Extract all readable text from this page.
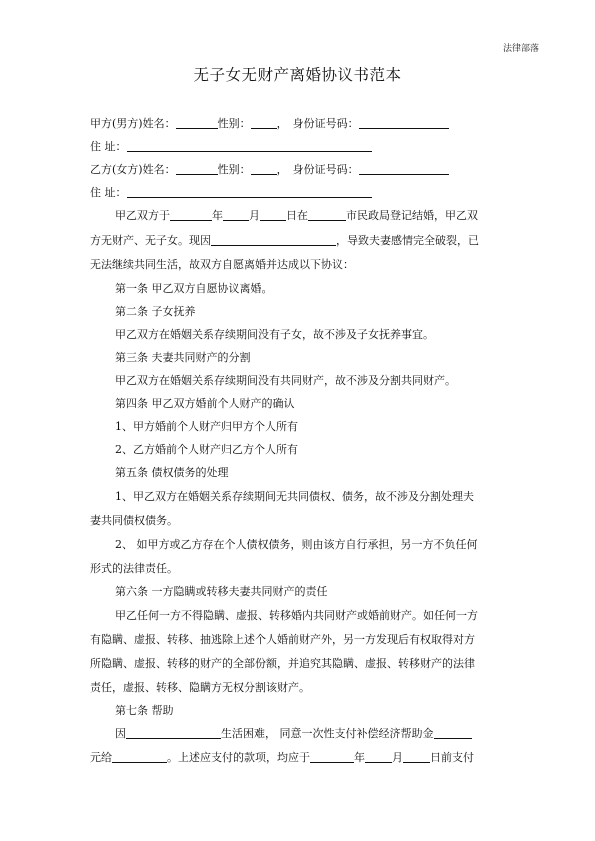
法律部落
无子女无财产离婚协议书范本
甲方(男方)姓名：	性别： ， 身份证号码：
住 址：
乙方(女方)姓名：	性别： ， 身份证号码：
住 址：
甲乙双方于	年 月 日在	市民政局登记结婚，甲乙双
方无财产、无子女。现因	，导致夫妻感情完全破裂，已
无法继续共同生活，故双方自愿离婚并达成以下协议：
第一条 甲乙双方自愿协议离婚。
第二条 子女抚养
甲乙双方在婚姻关系存续期间没有子女，故不涉及子女抚养事宜。
第三条 夫妻共同财产的分割
甲乙双方在婚姻关系存续期间没有共同财产，故不涉及分割共同财产。
第四条 甲乙双方婚前个人财产的确认
1、甲方婚前个人财产归甲方个人所有
2、乙方婚前个人财产归乙方个人所有
第五条 债权债务的处理
1、甲乙双方在婚姻关系存续期间无共同债权、债务，故不涉及分割处理夫
妻共同债权债务。
2、 如甲方或乙方存在个人债权债务，则由该方自行承担，另一方不负任何
形式的法律责任。
第六条 一方隐瞒或转移夫妻共同财产的责任
甲乙任何一方不得隐瞒、虚报、转移婚内共同财产或婚前财产。如任何一方
有隐瞒、虚报、转移、抽逃除上述个人婚前财产外，另一方发现后有权取得对方
所隐瞒、虚报、转移的财产的全部份额，并追究其隐瞒、虚报、转移财产的法律
责任，虚报、转移、隐瞒方无权分割该财产。
第七条 帮助
因	生活困难， 同意一次性支付补偿经济帮助金
元给	。上述应支付的款项，均应于	年 月 日前支付
